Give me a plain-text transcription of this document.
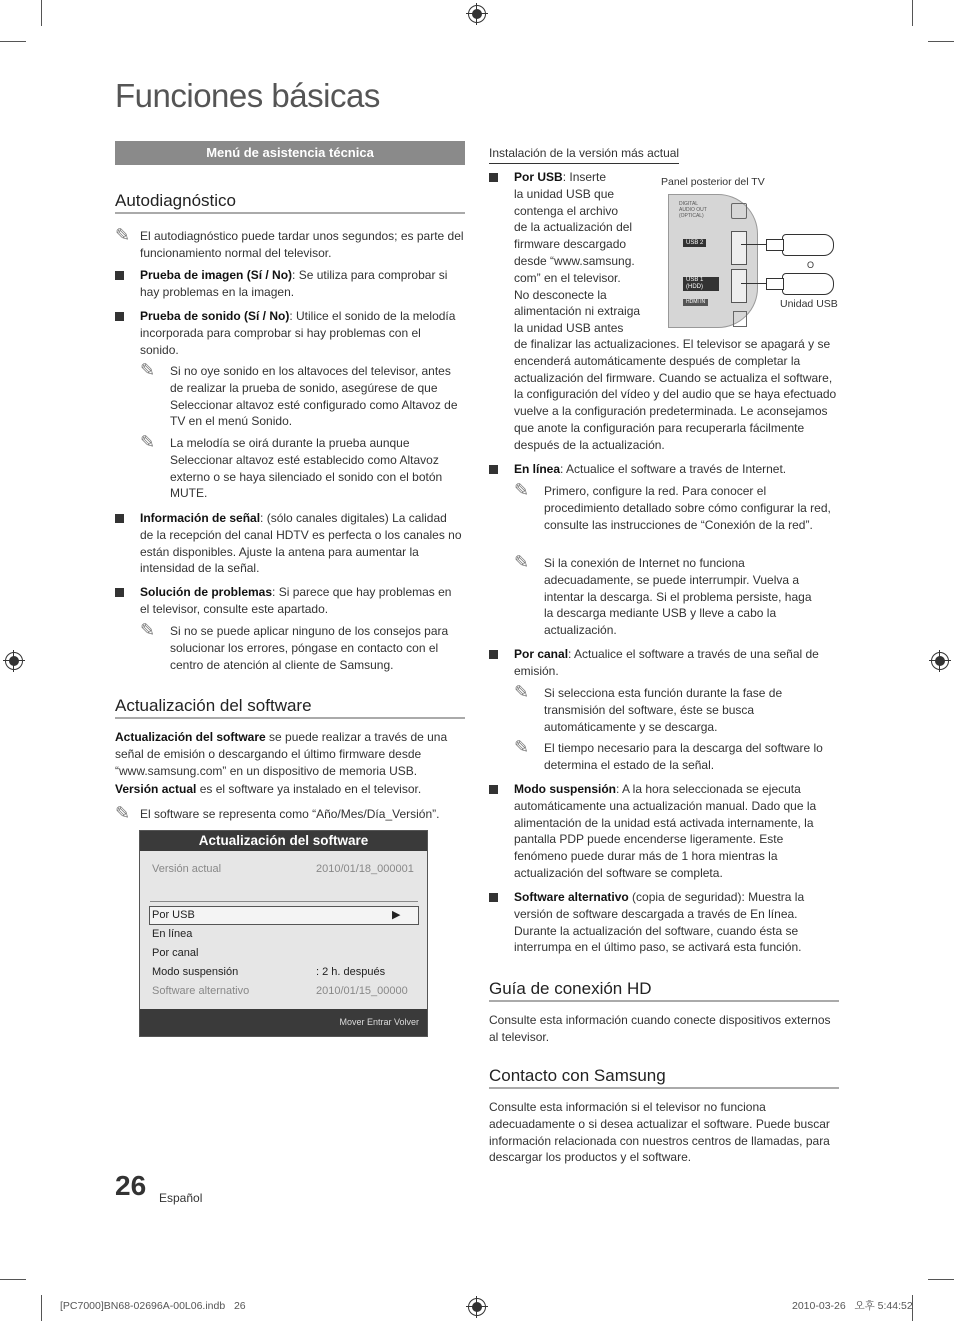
Funciones básicas
Menú de asistencia técnica
Autodiagnóstico
✎ El autodiagnóstico puede tardar unos segundos; es parte del funcionamiento normal del televisor.
Prueba de imagen (Sí / No): Se utiliza para comprobar si hay problemas en la imagen.
Prueba de sonido (Sí / No): Utilice el sonido de la melodía incorporada para comprobar si hay problemas con el sonido.
✎ Si no oye sonido en los altavoces del televisor, antes de realizar la prueba de sonido, asegúrese de que Seleccionar altavoz esté configurado como Altavoz de TV en el menú Sonido.
✎ La melodía se oirá durante la prueba aunque Seleccionar altavoz esté establecido como Altavoz externo o se haya silenciado el sonido con el botón MUTE.
Información de señal: (sólo canales digitales) La calidad de la recepción del canal HDTV es perfecta o los canales no están disponibles. Ajuste la antena para aumentar la intensidad de la señal.
Solución de problemas: Si parece que hay problemas en el televisor, consulte este apartado.
✎ Si no se puede aplicar ninguno de los consejos para solucionar los errores, póngase en contacto con el centro de atención al cliente de Samsung.
Actualización del software
Actualización del software se puede realizar a través de una señal de emisión o descargando el último firmware desde “www.samsung.com” en un dispositivo de memoria USB.
Versión actual es el software ya instalado en el televisor.
✎ El software se representa como “Año/Mes/Día_Versión”.
Actualización del software
Versión actual	2010/01/18_000001
Por USB	▶
En línea
Por canal
Modo suspensión	: 2 h. después
Software alternativo	2010/01/15_00000
Mover Entrar Volver
Instalación de la versión más actual
Panel posterior del TV
DIGITAL AUDIO OUT (OPTICAL)
USB 2
USB 1 (HDD)
HDMI IN
O
Unidad USB
Por USB: Inserte
la unidad USB que
contenga el archivo
de la actualización del
firmware descargado
desde “www.samsung.
com” en el televisor.
No desconecte la
alimentación ni extraiga
la unidad USB antes
de finalizar las actualizaciones. El televisor se apagará y se encenderá automáticamente después de completar la actualización del firmware. Cuando se actualiza el software, la configuración del vídeo y del audio que se haya efectuado vuelve a la configuración predeterminada. Le aconsejamos que anote la configuración para recuperarla fácilmente después de la actualización.
En línea: Actualice el software a través de Internet.
✎ Primero, configure la red. Para conocer el procedimiento detallado sobre cómo configurar la red, consulte las instrucciones de “Conexión de la red”.
✎ Si la conexión de Internet no funciona adecuadamente, se puede interrumpir. Vuelva a intentar la descarga. Si el problema persiste, haga la descarga mediante USB y lleve a cabo la actualización.
Por canal: Actualice el software a través de una señal de emisión.
✎ Si selecciona esta función durante la fase de transmisión del software, éste se busca automáticamente y se descarga.
✎ El tiempo necesario para la descarga del software lo determina el estado de la señal.
Modo suspensión: A la hora seleccionada se ejecuta automáticamente una actualización manual. Dado que la alimentación de la unidad está activada internamente, la pantalla PDP puede encenderse ligeramente. Este fenómeno puede durar más de 1 hora mientras la actualización del software se completa.
Software alternativo (copia de seguridad): Muestra la versión de software descargada a través de En línea. Durante la actualización del software, cuando ésta se interrumpa en el último paso, se activará esta función.
Guía de conexión HD
Consulte esta información cuando conecte dispositivos externos al televisor.
Contacto con Samsung
Consulte esta información si el televisor no funciona adecuadamente o si desea actualizar el software. Puede buscar información relacionada con nuestros centros de llamadas, para descargar los productos y el software.
26 Español
[PC7000]BN68-02696A-00L06.indb   26	2010-03-26   오후 5:44:52
